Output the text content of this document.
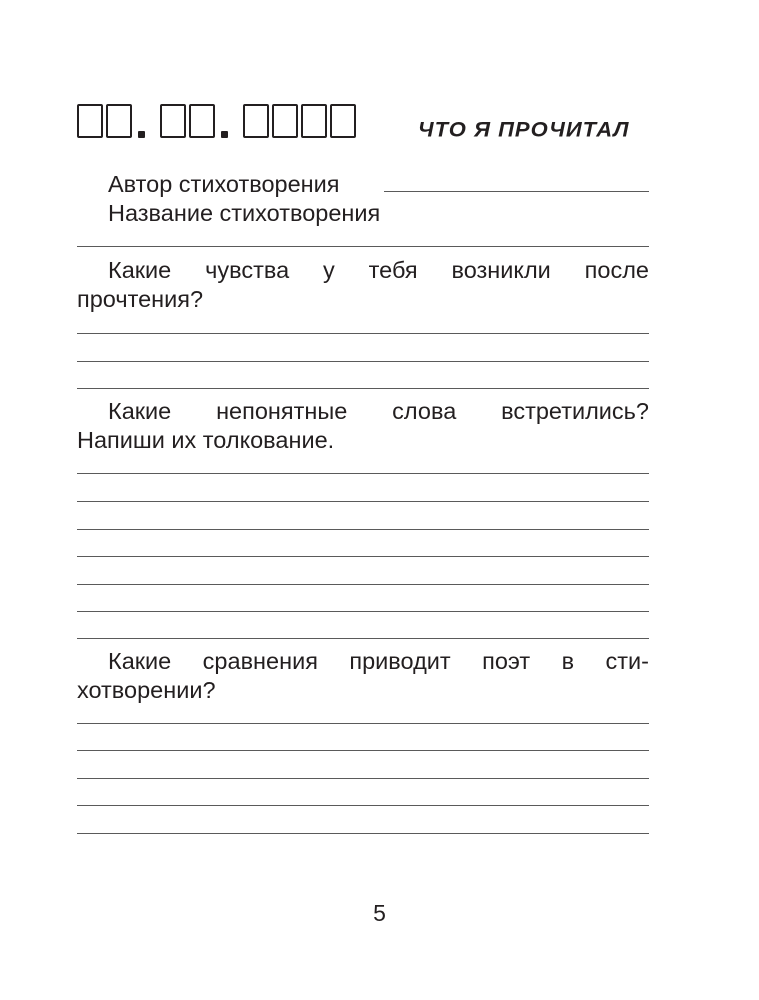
ЧТО Я ПРОЧИТАЛ
Автор стихотворения
Название стихотворения
Какие чувства у тебя возникли после
прочтения?
Какие непонятные слова встретились?
Напиши их толкование.
Какие сравнения приводит поэт в сти-
хотворении?
5
